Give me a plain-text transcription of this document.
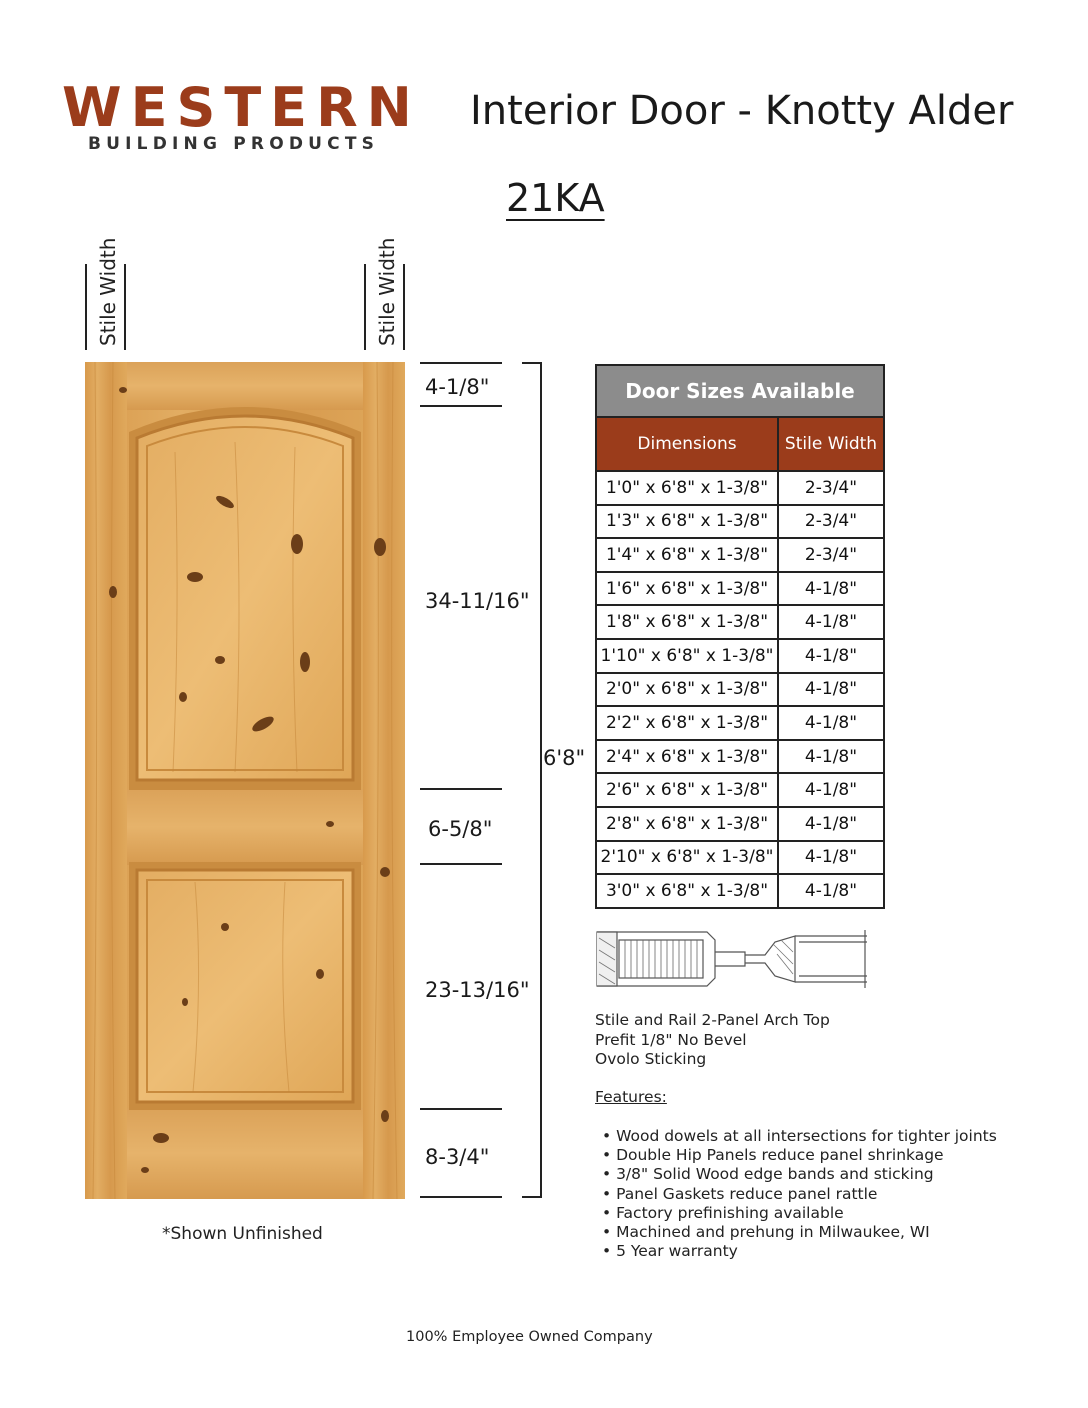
WESTERN
BUILDING PRODUCTS
Interior Door - Knotty Alder
21KA
Stile Width	Stile Width
*Shown Unfinished
4-1/8"
34-11/16"
6-5/8"
23-13/16"
8-3/4"
6'8"
Door Sizes Available	
Dimensions	Stile Width
1'0" x 6'8" x 1-3/8"	2-3/4"
1'3" x 6'8" x 1-3/8"	2-3/4"
1'4" x 6'8" x 1-3/8"	2-3/4"
1'6" x 6'8" x 1-3/8"	4-1/8"
1'8" x 6'8" x 1-3/8"	4-1/8"
1'10" x 6'8" x 1-3/8"	4-1/8"
2'0" x 6'8" x 1-3/8"	4-1/8"
2'2" x 6'8" x 1-3/8"	4-1/8"
2'4" x 6'8" x 1-3/8"	4-1/8"
2'6" x 6'8" x 1-3/8"	4-1/8"
2'8" x 6'8" x 1-3/8"	4-1/8"
2'10" x 6'8" x 1-3/8"	4-1/8"
3'0" x 6'8" x 1-3/8"	4-1/8"
Stile and Rail 2-Panel Arch Top
Prefit 1/8" No Bevel
Ovolo Sticking
Features:
• Wood dowels at all intersections for tighter joints
• Double Hip Panels reduce panel shrinkage
• 3/8" Solid Wood edge bands and sticking
• Panel Gaskets reduce panel rattle
• Factory prefinishing available
• Machined and prehung in Milwaukee, WI
• 5 Year warranty
100% Employee Owned Company
